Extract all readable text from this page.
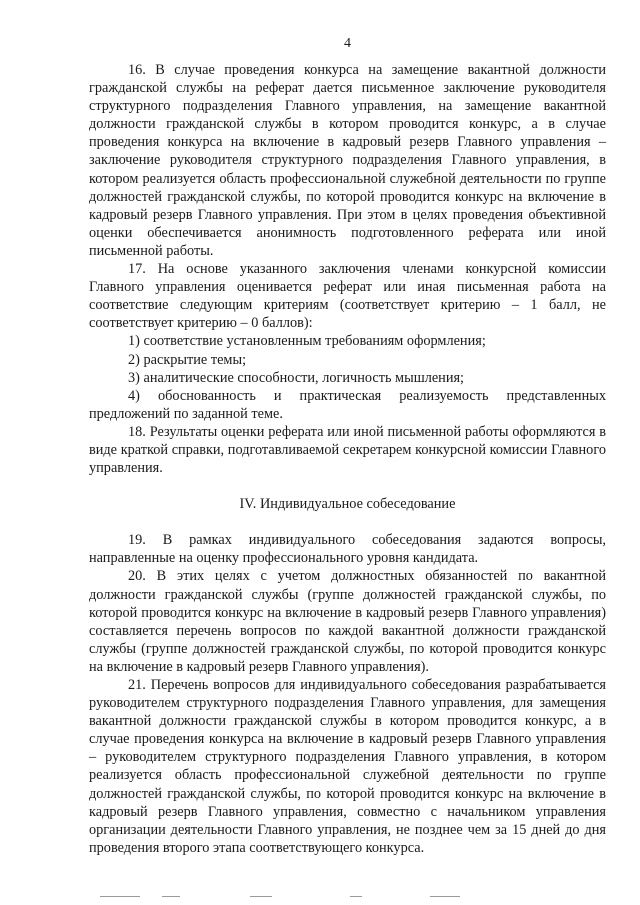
4

16. В случае проведения конкурса на замещение вакантной должности гражданской службы на реферат дается письменное заключение руководителя структурного подразделения Главного управления, на замещение вакантной должности гражданской службы в котором проводится конкурс, а в случае проведения конкурса на включение в кадровый резерв Главного управления – заключение руководителя структурного подразделения Главного управления, в котором реализуется область профессиональной служебной деятельности по группе должностей гражданской службы, по которой проводится конкурс на включение в кадровый резерв Главного управления. При этом в целях проведения объективной оценки обеспечивается анонимность подготовленного реферата или иной письменной работы.

17. На основе указанного заключения членами конкурсной комиссии Главного управления оценивается реферат или иная письменная работа на соответствие следующим критериям (соответствует критерию – 1 балл, не соответствует критерию – 0 баллов):

1) соответствие установленным требованиям оформления;

2) раскрытие темы;

3) аналитические способности, логичность мышления;

4) обоснованность и практическая реализуемость представленных предложений по заданной теме.

18. Результаты оценки реферата или иной письменной работы оформляются в виде краткой справки, подготавливаемой секретарем конкурсной комиссии Главного управления.

IV. Индивидуальное собеседование

19. В рамках индивидуального собеседования задаются вопросы, направленные на оценку профессионального уровня кандидата.

20. В этих целях с учетом должностных обязанностей по вакантной должности гражданской службы (группе должностей гражданской службы, по которой проводится конкурс на включение в кадровый резерв Главного управления) составляется перечень вопросов по каждой вакантной должности гражданской службы (группе должностей гражданской службы, по которой проводится конкурс на включение в кадровый резерв Главного управления).

21. Перечень вопросов для индивидуального собеседования разрабатывается руководителем структурного подразделения Главного управления, для замещения вакантной должности гражданской службы в котором проводится конкурс, а в случае проведения конкурса на включение в кадровый резерв Главного управления – руководителем структурного подразделения Главного управления, в котором реализуется область профессиональной служебной деятельности по группе должностей гражданской службы, по которой проводится конкурс на включение в кадровый резерв Главного управления, совместно с начальником управления организации деятельности Главного управления, не позднее чем за 15 дней до дня проведения второго этапа соответствующего конкурса.
